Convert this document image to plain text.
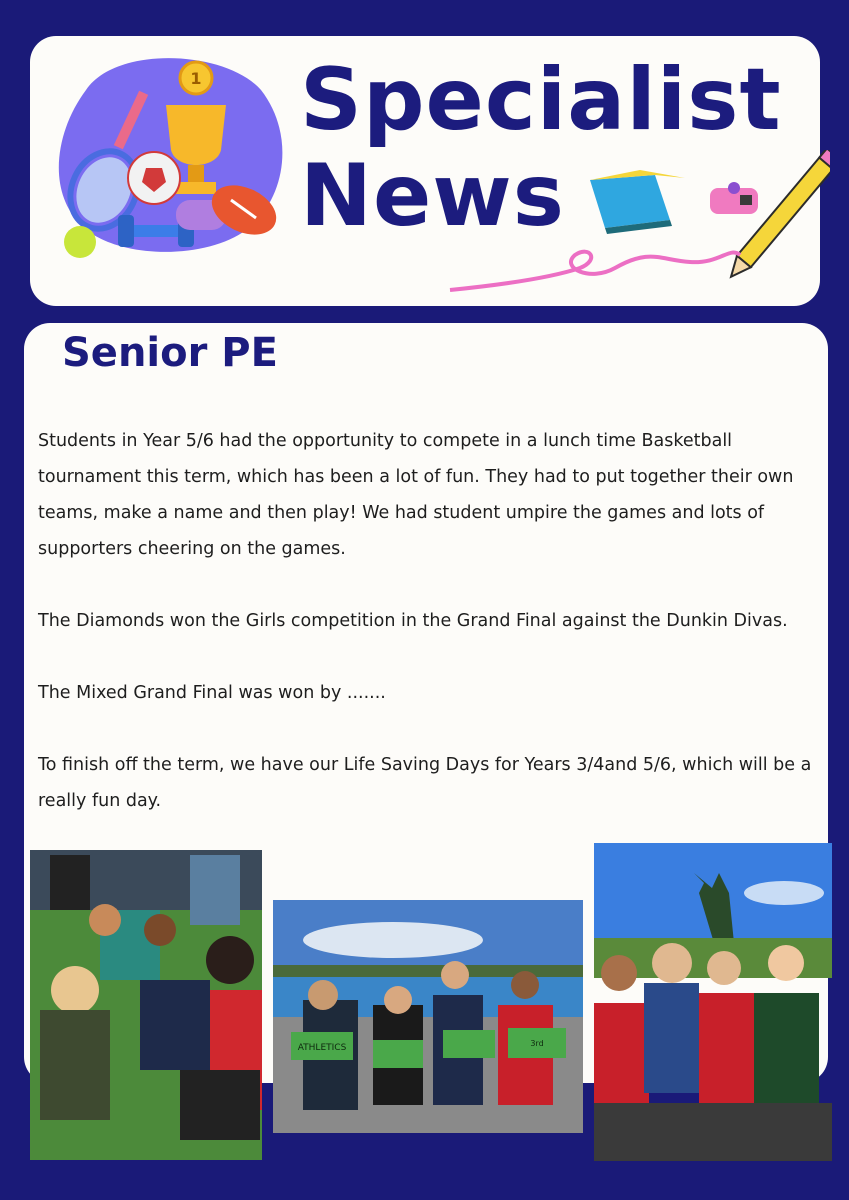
1 Specialist
News
Senior PE

Students in Year 5/6 had the opportunity to compete in a lunch time Basketball tournament this term, which has been a lot of fun. They had to put together their own teams, make a name and then play! We had student umpire the games and lots of supporters cheering on the games.

The Diamonds won the Girls competition in the Grand Final against the Dunkin Divas.

The Mixed Grand Final was won by .......

To finish off the term, we have our Life Saving Days for Years 3/4and 5/6, which will be a really fun day.

ATHLETICS	3rd
